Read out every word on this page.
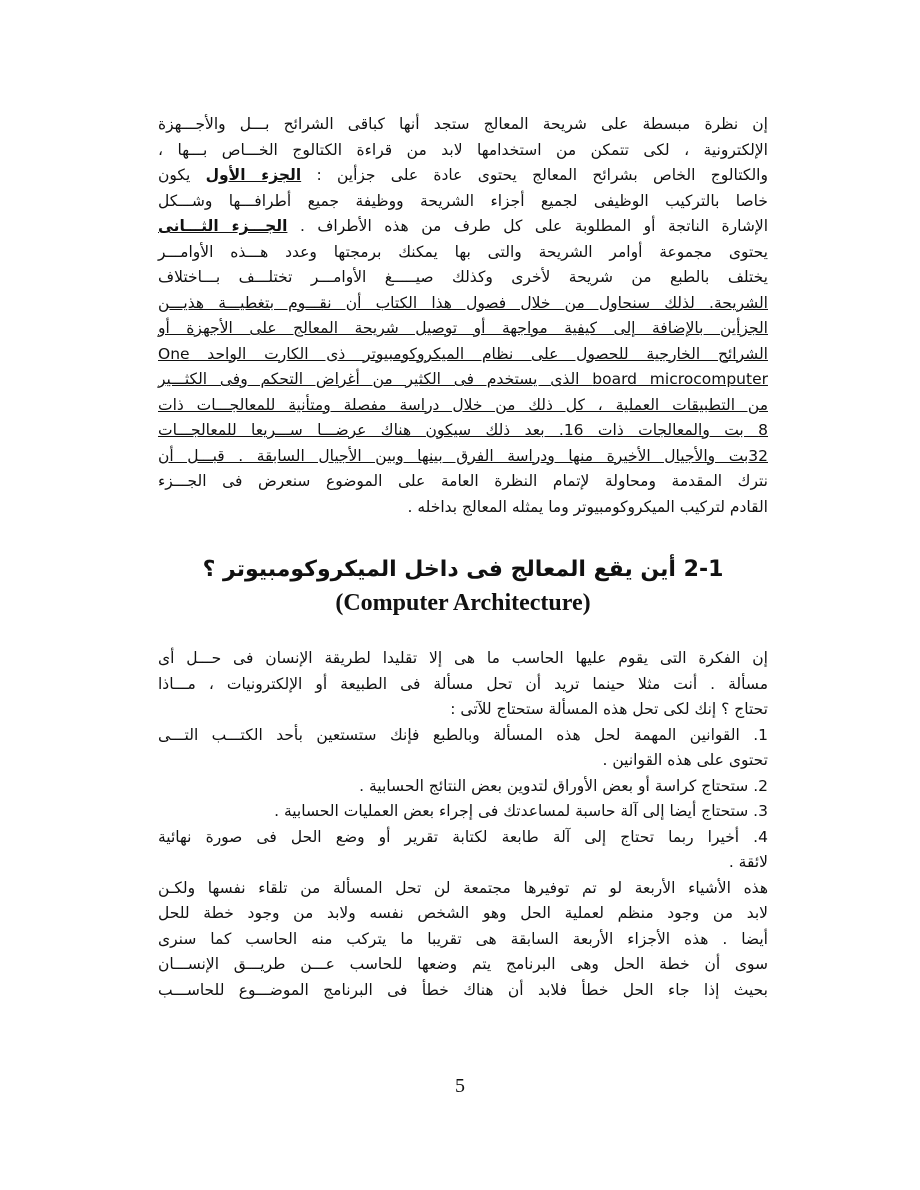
إن نظرة مبسطة على شريحة المعالج ستجد أنها كباقى الشرائح بـــل والأجـــهزة
الإلكترونية ، لكى تتمكن من استخدامها لابد من قراءة الكتالوج الخـــاص بـــها ،
والكتالوج الخاص بشرائح المعالج يحتوى عادة على جزأين : الجزء الأول يكون
خاصا بالتركيب الوظيفى لجميع أجزاء الشريحة ووظيفة جميع أطرافـــها وشـــكل
الإشارة الناتجة أو المطلوبة على كل طرف من هذه الأطراف . الجـــزء الثـــانى
يحتوى مجموعة أوامر الشريحة والتى بها يمكنك برمجتها وعدد هـــذه الأوامـــر
يختلف بالطبع من شريحة لأخرى وكذلك صيـــــغ الأوامـــر تختلـــف بـــاختلاف
الشريحة. لذلك سنحاول من خلال فصول هذا الكتاب أن نقـــوم بتغطيـــة هذيـــن
الجزأين بالإضافة إلى كيفية مواجهة أو توصيل شريحة المعالج على الأجهزة أو
الشرائح الخارجية للحصول على نظام الميكروكومبيوتر ذى الكارت الواحد One
board microcomputer الذى يستخدم فى الكثير من أغراض التحكم وفى الكثـــير
من التطبيقات العملية ، كل ذلك من خلال دراسة مفصلة ومتأنية للمعالجـــات ذات
8 بت والمعالجات ذات 16. بعد ذلك سيكون هناك عرضـــا ســـريعا للمعالجـــات
32بت والأجيال الأخيرة منها ودراسة الفرق بينها وبين الأجيال السابقة . قبـــل أن
نترك المقدمة ومحاولة لإتمام النظرة العامة على الموضوع سنعرض فى الجـــزء
القادم لتركيب الميكروكومبيوتر وما يمثله المعالج بداخله .

2-1 أين يقع المعالج فى داخل الميكروكومبيوتر ؟
(Computer Architecture)

إن الفكرة التى يقوم عليها الحاسب ما هى إلا تقليدا لطريقة الإنسان فى حـــل أى
مسألة . أنت مثلا حينما تريد أن تحل مسألة فى الطبيعة أو الإلكترونيات ، مـــاذا
تحتاج ؟ إنك لكى تحل هذه المسألة ستحتاج للآتى :
1. القوانين المهمة لحل هذه المسألة وبالطبع فإنك ستستعين بأحد الكتـــب التـــى
تحتوى على هذه القوانين .
2. ستحتاج كراسة أو بعض الأوراق لتدوين بعض النتائج الحسابية .
3. ستحتاج أيضا إلى آلة حاسبة لمساعدتك فى إجراء بعض العمليات الحسابية .
4. أخيرا ربما تحتاج إلى آلة طابعة لكتابة تقرير أو وضع الحل فى صورة نهائية
لائقة .
هذه الأشياء الأربعة لو تم توفيرها مجتمعة لن تحل المسألة من تلقاء نفسها ولكـن
لابد من وجود منظم لعملية الحل وهو الشخص نفسه ولابد من وجود خطة للحل
أيضا . هذه الأجزاء الأربعة السابقة هى تقريبا ما يتركب منه الحاسب كما سنرى
سوى أن خطة الحل وهى البرنامج يتم وضعها للحاسب عـــن طريـــق الإنســـان
بحيث إذا جاء الحل خطأ فلابد أن هناك خطأ فى البرنامج الموضـــوع للحاســـب

5
